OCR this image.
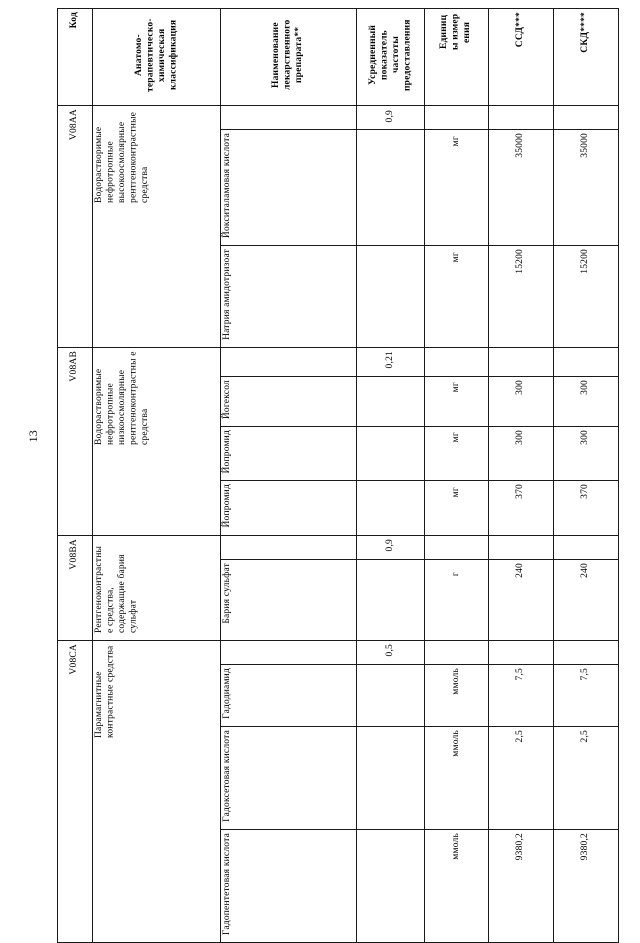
13
Код	Анатомо-терапевтическо-химическая классификация	Наименование лекарственного препарата**	Усредненный показатель частоты предоставления	Единицы измерения	ССД***	СКД****
V08AA	Водорастворимые нефротропные высокоосмолярные рентгеноконтрастные средства		0,9			
		Йокситаламовая кислота		мг	35000	35000
		Натрия амидотризоат		мг	15200	15200
V08AB	Водорастворимые нефротропные низкоосмолярные рентгеноконтрастны е средства		0,21			
		Йогексол		мг	300	300
		Йопромид		мг	300	300
		Йопромид		мг	370	370
V08BA	Рентгеноконтрастны е средства, содержащие бария сульфат		0,9			
		Бария сульфат		г	240	240
V08CA	Парамагнитные контрастные средства		0,5			
		Гадодиамид		ммоль	7,5	7,5
		Гадоксетовая кислота		ммоль	2,5	2,5
		Гадопентетовая кислота		ммоль	9380,2	9380,2
